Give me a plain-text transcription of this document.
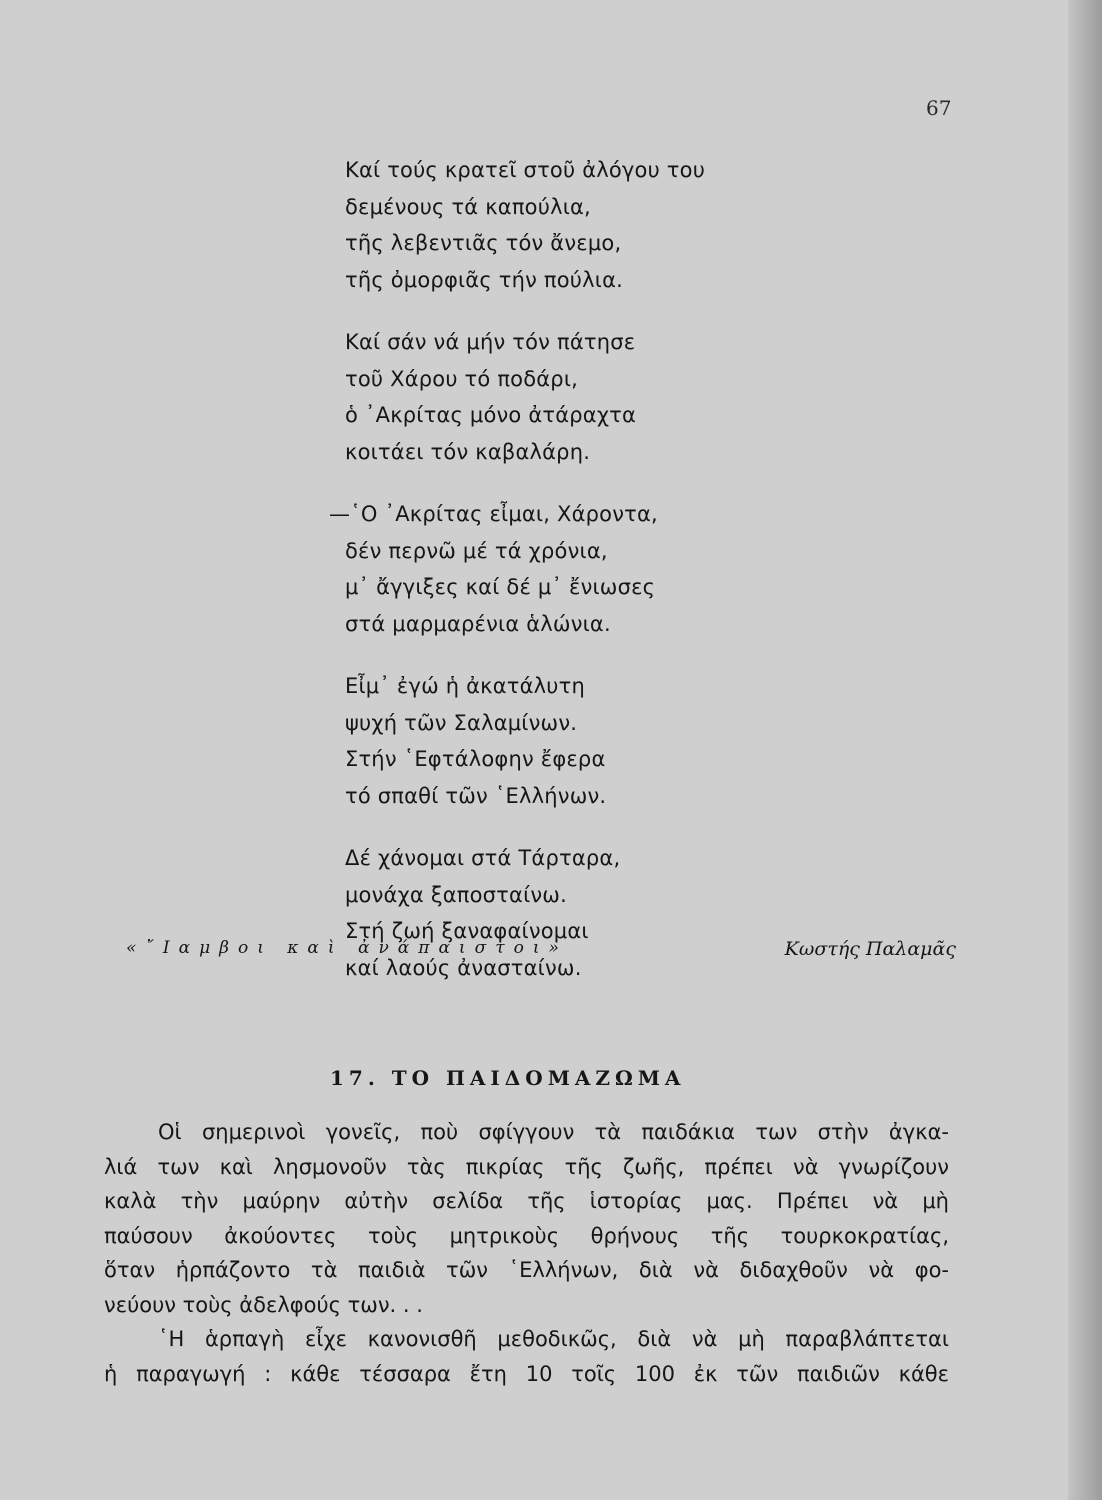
67
Καί τούς κρατεῖ στοῦ ἀλόγου του
δεμένους τά καπούλια,
τῆς λεβεντιᾶς τόν ἄνεμο,
τῆς ὀμορφιᾶς τήν πούλια.
Καί σάν νά μήν τόν πάτησε
τοῦ Χάρου τό ποδάρι,
ὁ ᾿Ακρίτας μόνο ἀτάραχτα
κοιτάει τόν καβαλάρη.
—῾Ο ᾿Ακρίτας εἶμαι, Χάροντα,
δέν περνῶ μέ τά χρόνια,
μ᾿ ἄγγιξες καί δέ μ᾿ ἔνιωσες
στά μαρμαρένια ἁλώνια.
Εἶμ᾿ ἐγώ ἡ ἀκατάλυτη
ψυχή τῶν Σαλαμίνων.
Στήν ῾Εφτάλοφην ἔφερα
τό σπαθί τῶν ῾Ελλήνων.
Δέ χάνομαι στά Τάρταρα,
μονάχα ξαποσταίνω.
Στή ζωή ξαναφαίνομαι
καί λαούς ἀνασταίνω.
«῎Ιαμβοι καὶ ἀνάπαιστοι»	Κωστής Παλαμᾶς
17. ΤΟ ΠΑΙΔΟΜΑΖΩΜΑ
Οἱ σημερινοὶ γονεῖς, ποὺ σφίγγουν τὰ παιδάκια των στὴν ἀγκα-
λιά των καὶ λησμονοῦν τὰς πικρίας τῆς ζωῆς, πρέπει νὰ γνωρίζουν
καλὰ τὴν μαύρην αὐτὴν σελίδα τῆς ἱστορίας μας. Πρέπει νὰ μὴ
παύσουν ἀκούοντες τοὺς μητρικοὺς θρήνους τῆς τουρκοκρατίας,
ὅταν ἡρπάζοντο τὰ παιδιὰ τῶν ῾Ελλήνων, διὰ νὰ διδαχθοῦν νὰ φο-
νεύουν τοὺς ἀδελφούς των. . .
῾Η ἁρπαγὴ εἶχε κανονισθῆ μεθοδικῶς, διὰ νὰ μὴ παραβλάπτεται
ἡ παραγωγή : κάθε τέσσαρα ἔτη 10 τοῖς 100 ἐκ τῶν παιδιῶν κάθε
